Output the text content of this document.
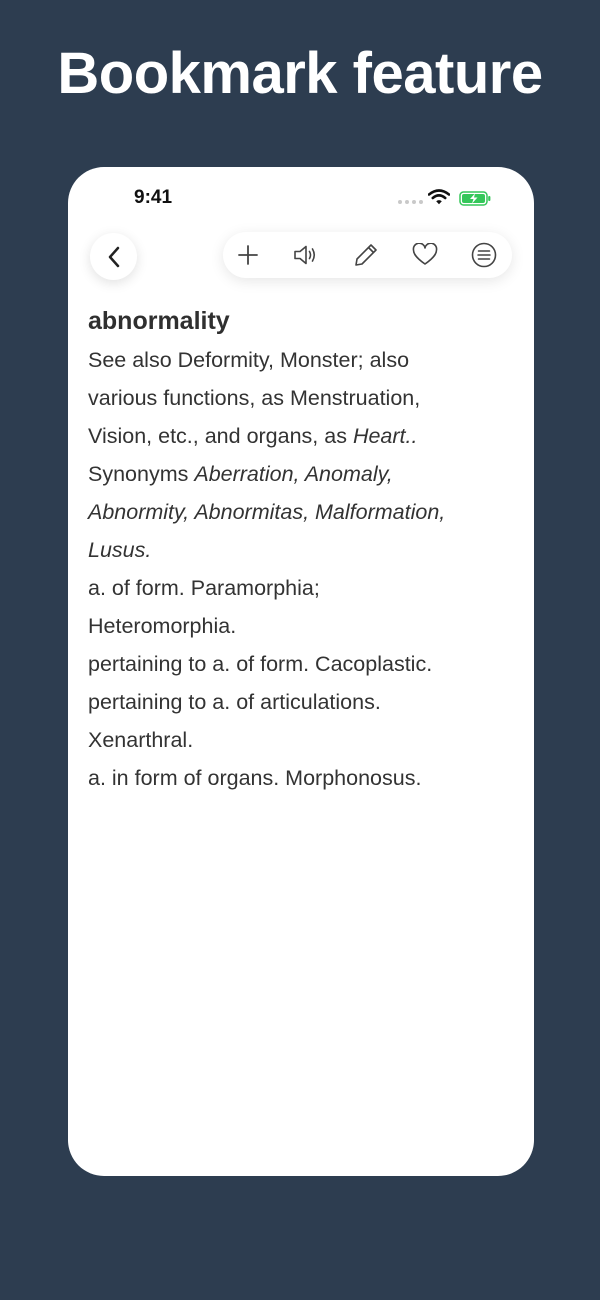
Bookmark feature
9:41
abnormality
See also Deformity, Monster; also
various functions, as Menstruation,
Vision, etc., and organs, as Heart..
Synonyms Aberration, Anomaly,
Abnormity, Abnormitas, Malformation,
Lusus.
a. of form. Paramorphia;
Heteromorphia.
pertaining to a. of form. Cacoplastic.
pertaining to a. of articulations.
Xenarthral.
a. in form of organs. Morphonosus.
